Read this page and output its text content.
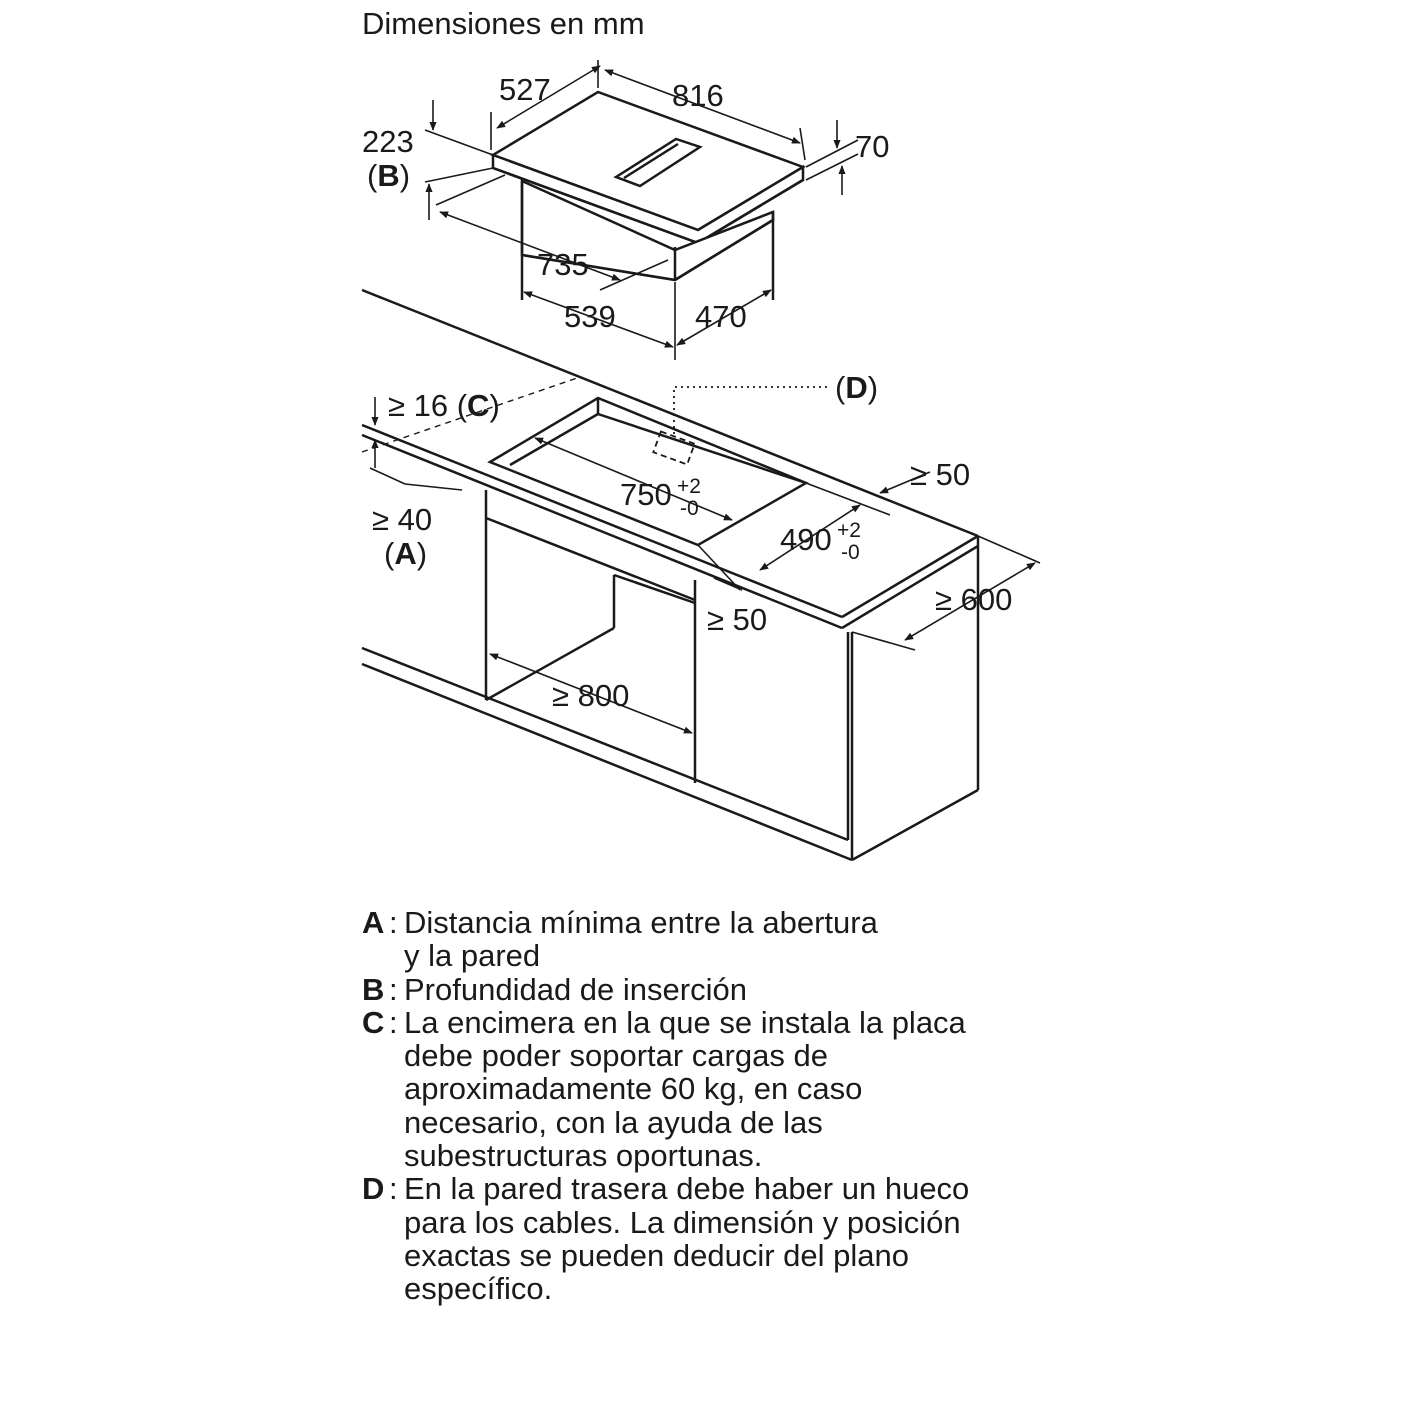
Dimensiones en mm
527	816
70
223
(B)
735
539	470
≥ 16 (C)
≥ 40
(A)
(D)
750 +2
-0
490 +2
-0
≥ 50
≥ 50
≥ 600
≥ 800
A : Distancia mínima entre la abertura
y la pared
B : Profundidad de inserción
C : La encimera en la que se instala la placa
debe poder soportar cargas de
aproximadamente 60 kg, en caso
necesario, con la ayuda de las
subestructuras oportunas.
D : En la pared trasera debe haber un hueco
para los cables. La dimensión y posición
exactas se pueden deducir del plano
específico.
